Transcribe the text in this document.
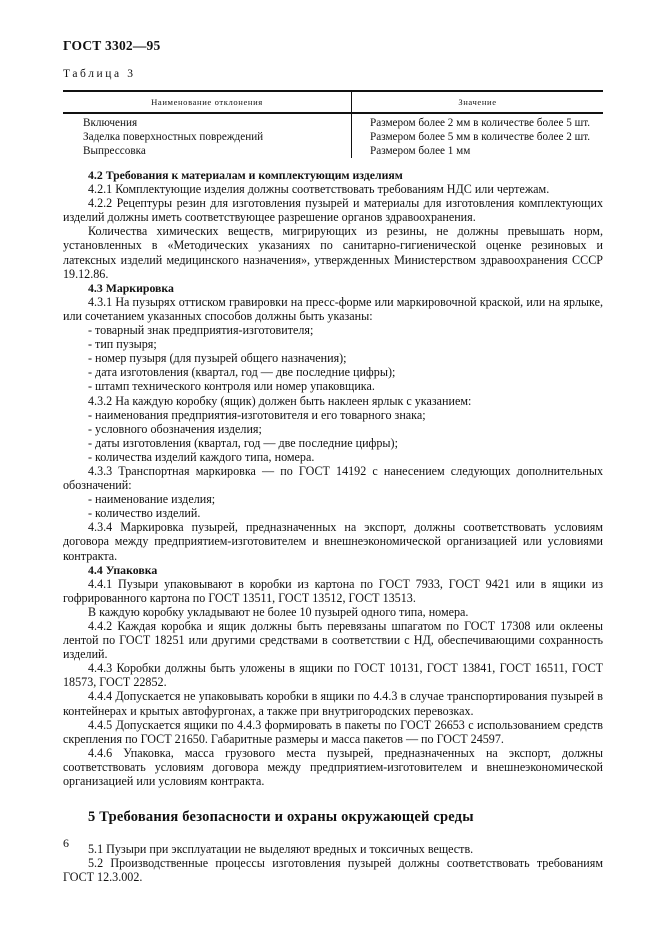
ГОСТ 3302—95
Таблица 3
Наименование отклонения	Значение
Включения	Размером более 2 мм в количестве более 5 шт.
Заделка поверхностных повреждений	Размером более 5 мм в количестве более 2 шт.
Выпрессовка	Размером более 1 мм

4.2 Требования к материалам и комплектующим изделиям

4.2.1 Комплектующие изделия должны соответствовать требованиям НДС или чертежам.

4.2.2 Рецептуры резин для изготовления пузырей и материалы для изготовления комплектующих изделий должны иметь соответствующее разрешение органов здравоохранения.

Количества химических веществ, мигрирующих из резины, не должны превышать норм, установленных в «Методических указаниях по санитарно-гигиенической оценке резиновых и латексных изделий медицинского назначения», утвержденных Министерством здравоохранения СССР 19.12.86.

4.3 Маркировка

4.3.1 На пузырях оттиском гравировки на пресс-форме или маркировочной краской, или на ярлыке, или сочетанием указанных способов должны быть указаны:

- товарный знак предприятия-изготовителя;

- тип пузыря;

- номер пузыря (для пузырей общего назначения);

- дата изготовления (квартал, год — две последние цифры);

- штамп технического контроля или номер упаковщика.

4.3.2 На каждую коробку (ящик) должен быть наклеен ярлык с указанием:

- наименования предприятия-изготовителя и его товарного знака;

- условного обозначения изделия;

- даты изготовления (квартал, год — две последние цифры);

- количества изделий каждого типа, номера.

4.3.3 Транспортная маркировка — по ГОСТ 14192 с нанесением следующих дополнительных обозначений:

- наименование изделия;

- количество изделий.

4.3.4 Маркировка пузырей, предназначенных на экспорт, должны соответствовать условиям договора между предприятием-изготовителем и внешнеэкономической организацией или условиями контракта.

4.4 Упаковка

4.4.1 Пузыри упаковывают в коробки из картона по ГОСТ 7933, ГОСТ 9421 или в ящики из гофрированного картона по ГОСТ 13511, ГОСТ 13512, ГОСТ 13513.

В каждую коробку укладывают не более 10 пузырей одного типа, номера.

4.4.2 Каждая коробка и ящик должны быть перевязаны шпагатом по ГОСТ 17308 или оклеены лентой по ГОСТ 18251 или другими средствами в соответствии с НД, обеспечивающими сохранность изделий.

4.4.3 Коробки должны быть уложены в ящики по ГОСТ 10131, ГОСТ 13841, ГОСТ 16511, ГОСТ 18573, ГОСТ 22852.

4.4.4 Допускается не упаковывать коробки в ящики по 4.4.3 в случае транспортирования пузырей в контейнерах и крытых автофургонах, а также при внутригородских перевозках.

4.4.5 Допускается ящики по 4.4.3 формировать в пакеты по ГОСТ 26653 с использованием средств скрепления по ГОСТ 21650. Габаритные размеры и масса пакетов — по ГОСТ 24597.

4.4.6 Упаковка, масса грузового места пузырей, предназначенных на экспорт, должны соответствовать условиям договора между предприятием-изготовителем и внешнеэкономической организацией или условиям контракта.

5 Требования безопасности и охраны окружающей среды

5.1 Пузыри при эксплуатации не выделяют вредных и токсичных веществ.

5.2 Производственные процессы изготовления пузырей должны соответствовать требованиям ГОСТ 12.3.002.

6
